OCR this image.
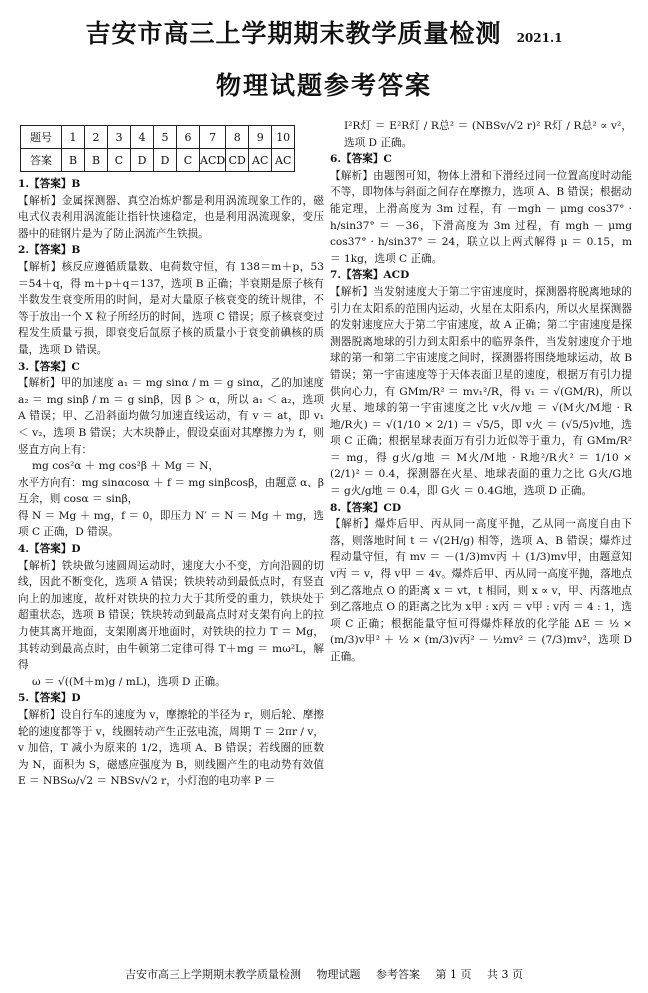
吉安市高三上学期期末教学质量检测 2021.1
物理试题参考答案
题号	1	2	3	4	5	6	7	8	9	10
答案	B	B	C	D	D	C	ACD	CD	AC	AC

1.【答案】B

【解析】金属探测器、真空冶炼炉都是利用涡流现象工作的，磁电式仪表利用涡流能让指针快速稳定，也是利用涡流现象，变压器中的硅钢片是为了防止涡流产生铁损。

2.【答案】B

【解析】核反应遵循质量数、电荷数守恒，有 138＝m＋p，53＝54＋q，得 m＋p＋q＝137，选项 B 正确；半衰期是原子核有半数发生衰变所用的时间，是对大量原子核衰变的统计规律，不等于放出一个 X 粒子所经历的时间，选项 C 错误；原子核衰变过程发生质量亏损，即衰变后氙原子核的质量小于衰变前碘核的质量，选项 D 错误。

3.【答案】C

【解析】甲的加速度 a₁ ＝ mg sinα / m ＝ g sinα，乙的加速度 a₂ ＝ mg sinβ / m ＝ g sinβ，因 β ＞ α，所以 a₁ ＜ a₂，选项 A 错误；甲、乙沿斜面均做匀加速直线运动，有 v ＝ at，即 v₁ ＜ v₂，选项 B 错误；大木块静止，假设桌面对其摩擦力为 f，则竖直方向上有：

mg cos²α ＋ mg cos²β ＋ Mg ＝ N，

水平方向有：mg sinαcosα ＋ f ＝ mg sinβcosβ，由题意 α、β 互余，则 cosα ＝ sinβ，

得 N ＝ Mg ＋ mg，f ＝ 0，即压力 N′ ＝ N ＝ Mg ＋ mg，选项 C 正确，D 错误。

4.【答案】D

【解析】铁块做匀速圆周运动时，速度大小不变，方向沿圆的切线，因此不断变化，选项 A 错误；铁块转动到最低点时，有竖直向上的加速度，故杆对铁块的拉力大于其所受的重力，铁块处于超重状态，选项 B 错误；铁块转动到最高点时对支架有向上的拉力使其离开地面，支架刚离开地面时，对铁块的拉力 T ＝ Mg，其转动到最高点时，由牛顿第二定律可得 T＋mg ＝ mω²L，解得

ω ＝ √((M＋m)g / mL)，选项 D 正确。

5.【答案】D

【解析】设自行车的速度为 v，摩擦轮的半径为 r，则后轮、摩擦轮的速度都等于 v，线圈转动产生正弦电流，周期 T ＝ 2πr / v，v 加倍，T 减小为原来的 1/2，选项 A、B 错误；若线圈的匝数为 N，面积为 S，磁感应强度为 B，则线圈产生的电动势有效值 E ＝ NBSω/√2 ＝ NBSv/√2 r，小灯泡的电功率 P ＝

I²R灯 ＝ E²R灯 / R总² ＝ (NBSv/√2 r)² R灯 / R总² ∝ v²，选项 D 正确。

6.【答案】C

【解析】由题图可知，物体上滑和下滑经过同一位置高度时动能不等，即物体与斜面之间存在摩擦力，选项 A、B 错误；根据动能定理，上滑高度为 3m 过程，有 －mgh － μmg cos37° · h/sin37° ＝ －36，下滑高度为 3m 过程，有 mgh － μmg cos37° · h/sin37° ＝ 24，联立以上两式解得 μ ＝ 0.15，m ＝ 1kg，选项 C 正确。

7.【答案】ACD

【解析】当发射速度大于第二宇宙速度时，探测器将脱离地球的引力在太阳系的范围内运动，火星在太阳系内，所以火星探测器的发射速度应大于第二宇宙速度，故 A 正确；第二宇宙速度是探测器脱离地球的引力到太阳系中的临界条件，当发射速度介于地球的第一和第二宇宙速度之间时，探测器将围绕地球运动，故 B 错误；第一宇宙速度等于天体表面卫星的速度，根据万有引力提供向心力，有 GMm/R² ＝ mv₁²/R，得 v₁ ＝ √(GM/R)，所以火星、地球的第一宇宙速度之比 v火/v地 ＝ √(M火/M地 · R地/R火) ＝ √(1/10 × 2/1) ＝ √5/5，即 v火 ＝ (√5/5)v地，选项 C 正确；根据星球表面万有引力近似等于重力，有 GMm/R² ＝ mg，得 g火/g地 ＝ M火/M地 · R地²/R火² ＝ 1/10 × (2/1)² ＝ 0.4，探测器在火星、地球表面的重力之比 G火/G地 ＝ g火/g地 ＝ 0.4，即 G火 ＝ 0.4G地，选项 D 正确。

8.【答案】CD

【解析】爆炸后甲、丙从同一高度平抛，乙从同一高度自由下落，则落地时间 t ＝ √(2H/g) 相等，选项 A、B 错误；爆炸过程动量守恒，有 mv ＝ －(1/3)mv丙 ＋ (1/3)mv甲，由题意知 v丙 ＝ v，得 v甲 ＝ 4v。爆炸后甲、丙从同一高度平抛，落地点到乙落地点 O 的距离 x ＝ vt，t 相同，则 x ∝ v，甲、丙落地点到乙落地点 O 的距离之比为 x甲 : x丙 ＝ v甲 : v丙 ＝ 4 : 1，选项 C 正确；根据能量守恒可得爆炸释放的化学能 ΔE ＝ ½ × (m/3)v甲² ＋ ½ × (m/3)v丙² － ½mv² ＝ (7/3)mv²，选项 D 正确。

吉安市高三上学期期末教学质量检测 物理试题 参考答案 第 1 页 共 3 页
